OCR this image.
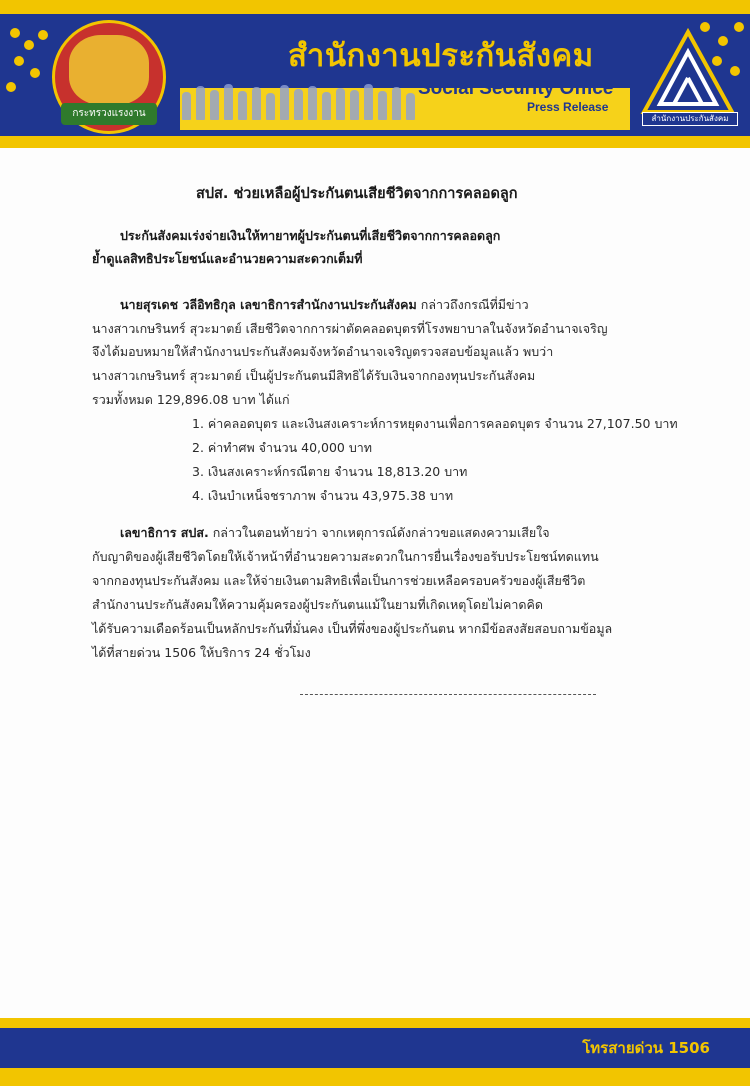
กระทรวงแรงงาน
สำนักงานประกันสังคม
Social Security Office
Press Release
สำนักงานประกันสังคม
สปส. ช่วยเหลือผู้ประกันตนเสียชีวิตจากการคลอดลูก
ประกันสังคมเร่งจ่ายเงินให้ทายาทผู้ประกันตนที่เสียชีวิตจากการคลอดลูก
ย้ำดูแลสิทธิประโยชน์และอำนวยความสะดวกเต็มที่
นายสุรเดช วลีอิทธิกุล เลขาธิการสำนักงานประกันสังคม กล่าวถึงกรณีที่มีข่าว
นางสาวเกษรินทร์ สุวะมาตย์ เสียชีวิตจากการผ่าตัดคลอดบุตรที่โรงพยาบาลในจังหวัดอำนาจเจริญ
จึงได้มอบหมายให้สำนักงานประกันสังคมจังหวัดอำนาจเจริญตรวจสอบข้อมูลแล้ว พบว่า
นางสาวเกษรินทร์ สุวะมาตย์ เป็นผู้ประกันตนมีสิทธิได้รับเงินจากกองทุนประกันสังคม
รวมทั้งหมด 129,896.08 บาท ได้แก่
1. ค่าคลอดบุตร และเงินสงเคราะห์การหยุดงานเพื่อการคลอดบุตร จำนวน 27,107.50 บาท
2. ค่าทำศพ จำนวน 40,000 บาท
3. เงินสงเคราะห์กรณีตาย จำนวน 18,813.20 บาท
4. เงินบำเหน็จชราภาพ จำนวน 43,975.38 บาท
เลขาธิการ สปส. กล่าวในตอนท้ายว่า จากเหตุการณ์ดังกล่าวขอแสดงความเสียใจ
กับญาติของผู้เสียชีวิตโดยให้เจ้าหน้าที่อำนวยความสะดวกในการยื่นเรื่องขอรับประโยชน์ทดแทน
จากกองทุนประกันสังคม และให้จ่ายเงินตามสิทธิเพื่อเป็นการช่วยเหลือครอบครัวของผู้เสียชีวิต
สำนักงานประกันสังคมให้ความคุ้มครองผู้ประกันตนแม้ในยามที่เกิดเหตุโดยไม่คาดคิด
ได้รับความเดือดร้อนเป็นหลักประกันที่มั่นคง เป็นที่พึ่งของผู้ประกันตน หากมีข้อสงสัยสอบถามข้อมูล
ได้ที่สายด่วน 1506 ให้บริการ 24 ชั่วโมง
โทรสายด่วน 1506
